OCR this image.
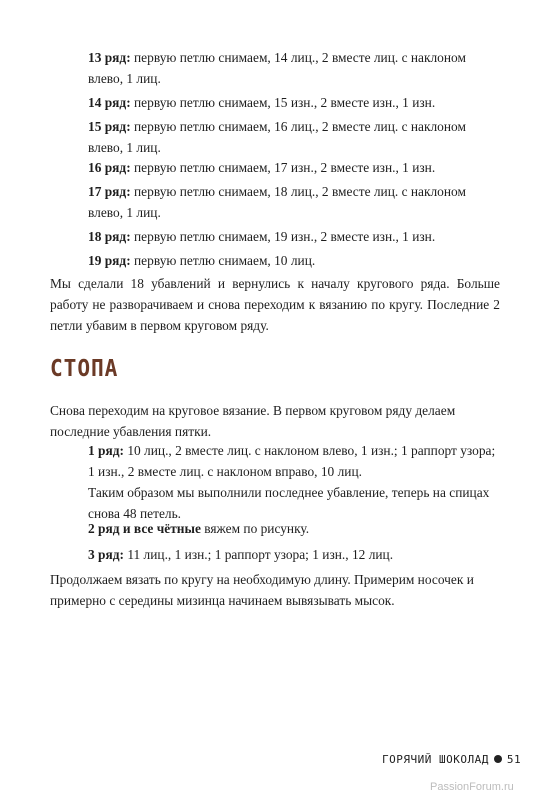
13 ряд: первую петлю снимаем, 14 лиц., 2 вместе лиц. с наклоном влево, 1 лиц.

14 ряд: первую петлю снимаем, 15 изн., 2 вместе изн., 1 изн.

15 ряд: первую петлю снимаем, 16 лиц., 2 вместе лиц. с наклоном влево, 1 лиц.

16 ряд: первую петлю снимаем, 17 изн., 2 вместе изн., 1 изн.

17 ряд: первую петлю снимаем, 18 лиц., 2 вместе лиц. с наклоном влево, 1 лиц.

18 ряд: первую петлю снимаем, 19 изн., 2 вместе изн., 1 изн.

19 ряд: первую петлю снимаем, 10 лиц.

Мы сделали 18 убавлений и вернулись к началу кругового ряда. Больше работу не разворачиваем и снова переходим к вязанию по кругу. Последние 2 петли убавим в первом круговом ряду.

СТОПА

Снова переходим на круговое вязание. В первом круговом ряду делаем последние убавления пятки.

1 ряд: 10 лиц., 2 вместе лиц. с наклоном влево, 1 изн.; 1 раппорт узора; 1 изн., 2 вместе лиц. с наклоном вправо, 10 лиц.
Таким образом мы выполнили последнее убавление, теперь на спицах снова 48 петель.

2 ряд и все чётные вяжем по рисунку.

3 ряд: 11 лиц., 1 изн.; 1 раппорт узора; 1 изн., 12 лиц.

Продолжаем вязать по кругу на необходимую длину. Примерим носочек и примерно с середины мизинца начинаем вывязывать мысок.

ГОРЯЧИЙ ШОКОЛАД 51
PassionForum.ru
